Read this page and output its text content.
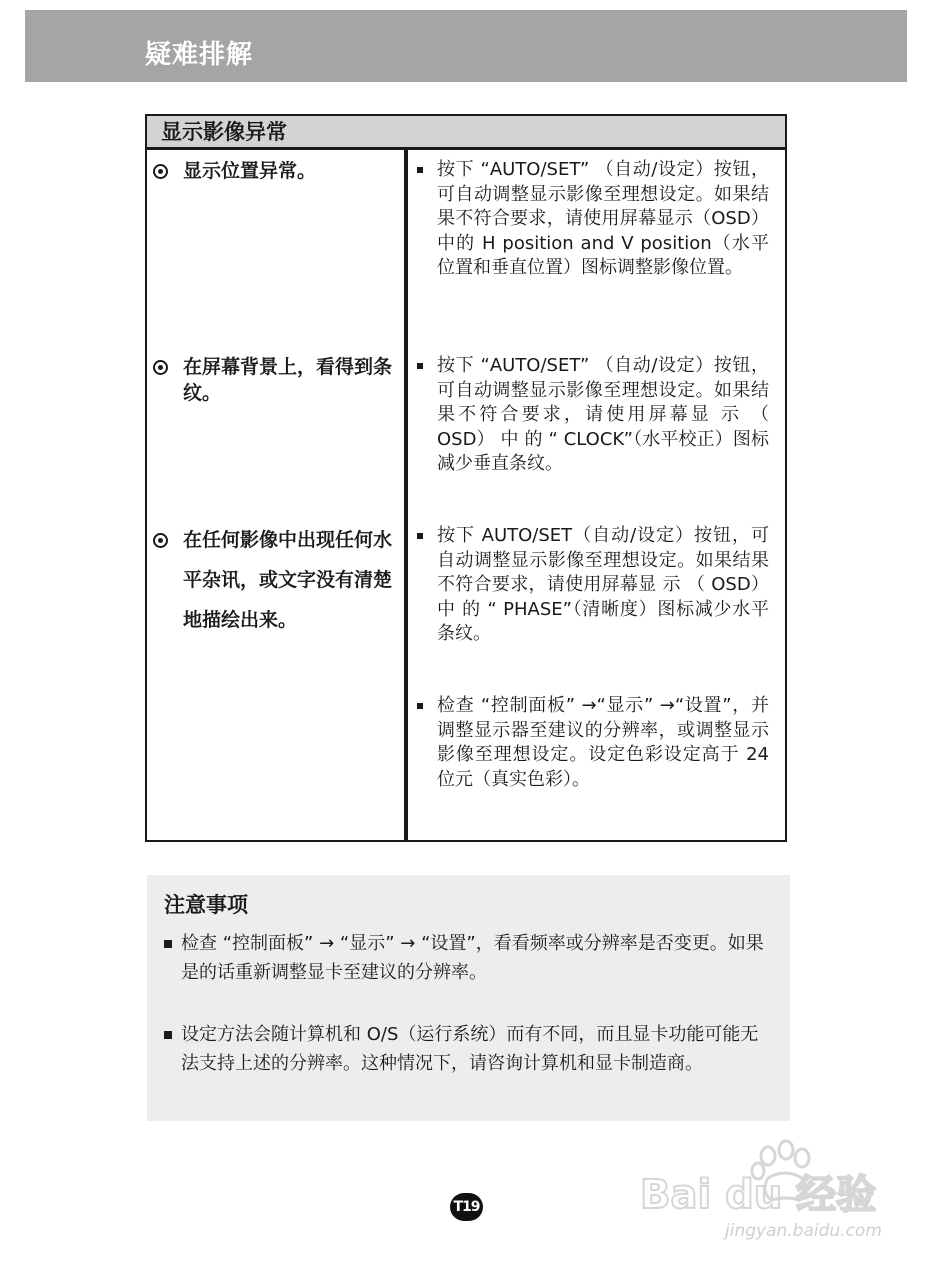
疑难排解
显示影像异常
显示位置异常。	按下 “AUTO/SET” （自动/设定）按钮，可自动调整显示影像至理想设定。如果结果不符合要求，请使用屏幕显示（OSD）中的 H position and V position（水平位置和垂直位置）图标调整影像位置。
在屏幕背景上，看得到条纹。
按下 “AUTO/SET” （自动/设定）按钮，可自动调整显示影像至理想设定。如果结果不符合要求，请使用屏幕显 示 （ OSD） 中 的 “ CLOCK”（水平校正）图标减少垂直条纹。
在任何影像中出现任何水平杂讯，或文字没有清楚地描绘出来。
按下 AUTO/SET（自动/设定）按钮，可自动调整显示影像至理想设定。如果结果不符合要求，请使用屏幕显 示 （ OSD） 中 的 “ PHASE”（清晰度）图标减少水平条纹。
检查 “控制面板” →“显示” →“设置”，并调整显示器至建议的分辨率，或调整显示影像至理想设定。设定色彩设定高于 24 位元（真实色彩）。
注意事项
检查 “控制面板” → “显示” → “设置”，看看频率或分辨率是否变更。如果是的话重新调整显卡至建议的分辨率。
设定方法会随计算机和 O/S（运行系统）而有不同，而且显卡功能可能无法支持上述的分辨率。这种情况下，请咨询计算机和显卡制造商。
T19	Bai du 经验
jingyan.baidu.com
